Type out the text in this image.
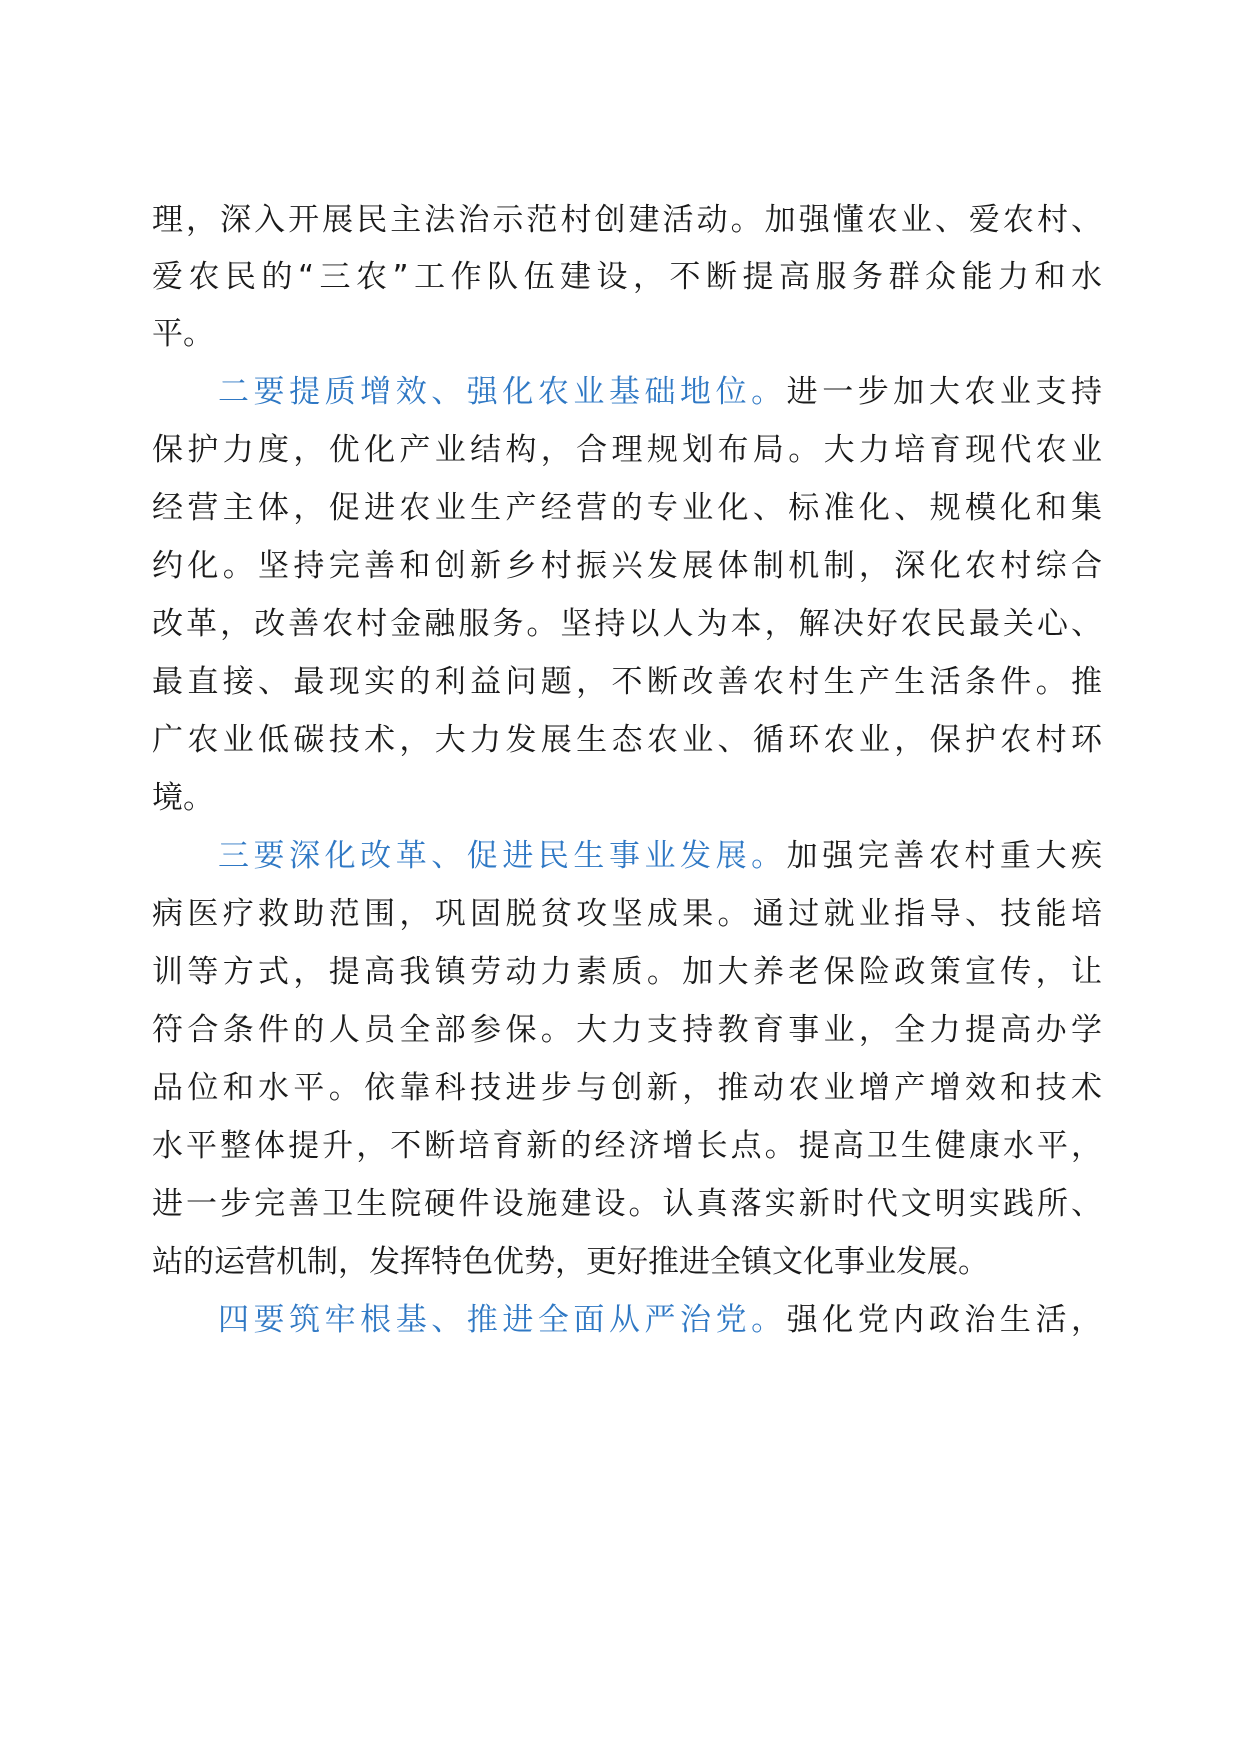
理，深入开展民主法治示范村创建活动。加强懂农业、爱农村、
爱农民的“三农”工作队伍建设，不断提高服务群众能力和水
平。
二要提质增效、强化农业基础地位。进一步加大农业支持
保护力度，优化产业结构，合理规划布局。大力培育现代农业
经营主体，促进农业生产经营的专业化、标准化、规模化和集
约化。坚持完善和创新乡村振兴发展体制机制，深化农村综合
改革，改善农村金融服务。坚持以人为本，解决好农民最关心、
最直接、最现实的利益问题，不断改善农村生产生活条件。推
广农业低碳技术，大力发展生态农业、循环农业，保护农村环
境。
三要深化改革、促进民生事业发展。加强完善农村重大疾
病医疗救助范围，巩固脱贫攻坚成果。通过就业指导、技能培
训等方式，提高我镇劳动力素质。加大养老保险政策宣传，让
符合条件的人员全部参保。大力支持教育事业，全力提高办学
品位和水平。依靠科技进步与创新，推动农业增产增效和技术
水平整体提升，不断培育新的经济增长点。提高卫生健康水平，
进一步完善卫生院硬件设施建设。认真落实新时代文明实践所、
站的运营机制，发挥特色优势，更好推进全镇文化事业发展。
四要筑牢根基、推进全面从严治党。强化党内政治生活，
